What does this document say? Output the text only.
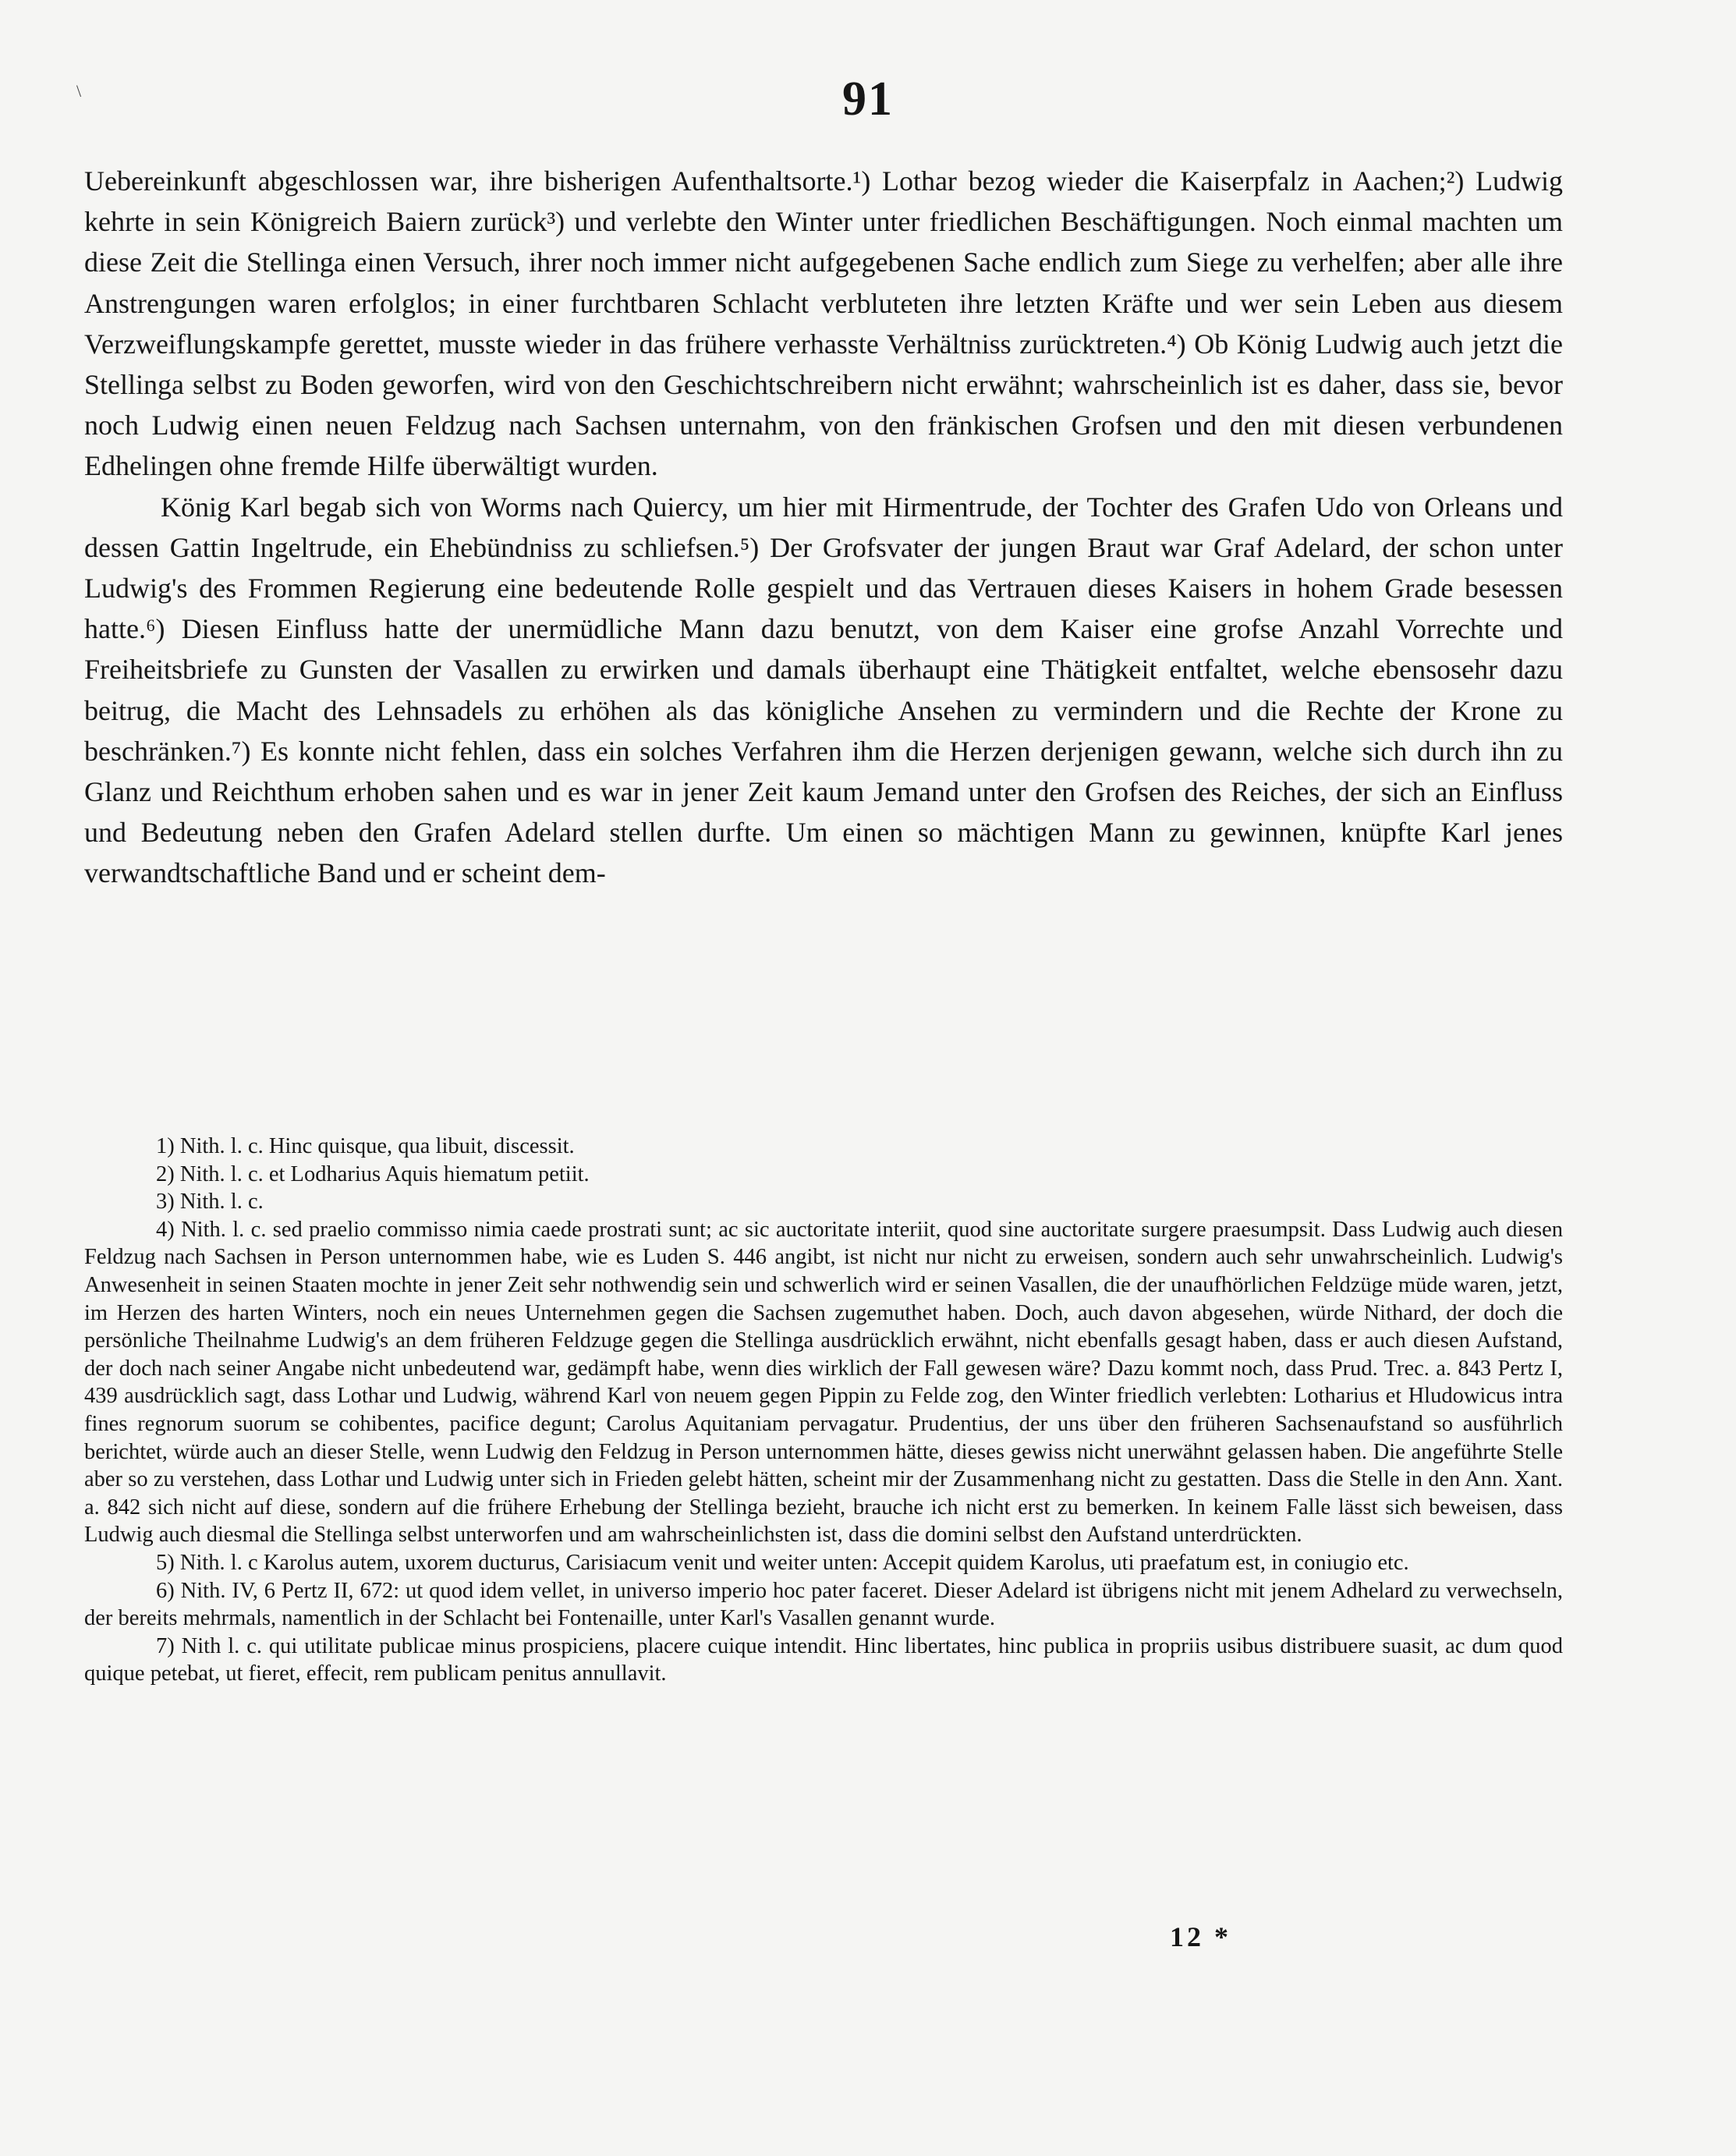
\	91

Uebereinkunft abgeschlossen war, ihre bisherigen Aufenthaltsorte.¹) Lothar bezog wieder die Kaiserpfalz in Aachen;²) Ludwig kehrte in sein Königreich Baiern zurück³) und verlebte den Winter unter friedlichen Beschäftigungen. Noch einmal machten um diese Zeit die Stellinga einen Versuch, ihrer noch immer nicht aufgegebenen Sache endlich zum Siege zu verhelfen; aber alle ihre Anstrengungen waren erfolglos; in einer furchtbaren Schlacht verbluteten ihre letzten Kräfte und wer sein Leben aus diesem Verzweiflungskampfe gerettet, musste wieder in das frühere verhasste Verhältniss zurücktreten.⁴) Ob König Ludwig auch jetzt die Stellinga selbst zu Boden geworfen, wird von den Geschichtschreibern nicht erwähnt; wahrscheinlich ist es daher, dass sie, bevor noch Ludwig einen neuen Feldzug nach Sachsen unternahm, von den fränkischen Grofsen und den mit diesen verbundenen Edhelingen ohne fremde Hilfe überwältigt wurden.

König Karl begab sich von Worms nach Quiercy, um hier mit Hirmentrude, der Tochter des Grafen Udo von Orleans und dessen Gattin Ingeltrude, ein Ehebündniss zu schliefsen.⁵) Der Grofsvater der jungen Braut war Graf Adelard, der schon unter Ludwig's des Frommen Regierung eine bedeutende Rolle gespielt und das Vertrauen dieses Kaisers in hohem Grade besessen hatte.⁶) Diesen Einfluss hatte der unermüdliche Mann dazu benutzt, von dem Kaiser eine grofse Anzahl Vorrechte und Freiheitsbriefe zu Gunsten der Vasallen zu erwirken und damals überhaupt eine Thätigkeit entfaltet, welche ebensosehr dazu beitrug, die Macht des Lehnsadels zu erhöhen als das königliche Ansehen zu vermindern und die Rechte der Krone zu beschränken.⁷) Es konnte nicht fehlen, dass ein solches Verfahren ihm die Herzen derjenigen gewann, welche sich durch ihn zu Glanz und Reichthum erhoben sahen und es war in jener Zeit kaum Jemand unter den Grofsen des Reiches, der sich an Einfluss und Bedeutung neben den Grafen Adelard stellen durfte. Um einen so mächtigen Mann zu gewinnen, knüpfte Karl jenes verwandtschaftliche Band und er scheint dem-

1) Nith. l. c. Hinc quisque, qua libuit, discessit.

2) Nith. l. c. et Lodharius Aquis hiematum petiit.

3) Nith. l. c.

4) Nith. l. c. sed praelio commisso nimia caede prostrati sunt; ac sic auctoritate interiit, quod sine auctoritate surgere praesumpsit. Dass Ludwig auch diesen Feldzug nach Sachsen in Person unternommen habe, wie es Luden S. 446 angibt, ist nicht nur nicht zu erweisen, sondern auch sehr unwahrscheinlich. Ludwig's Anwesenheit in seinen Staaten mochte in jener Zeit sehr nothwendig sein und schwerlich wird er seinen Vasallen, die der unaufhörlichen Feldzüge müde waren, jetzt, im Herzen des harten Winters, noch ein neues Unternehmen gegen die Sachsen zugemuthet haben. Doch, auch davon abgesehen, würde Nithard, der doch die persönliche Theilnahme Ludwig's an dem früheren Feldzuge gegen die Stellinga ausdrücklich erwähnt, nicht ebenfalls gesagt haben, dass er auch diesen Aufstand, der doch nach seiner Angabe nicht unbedeutend war, gedämpft habe, wenn dies wirklich der Fall gewesen wäre? Dazu kommt noch, dass Prud. Trec. a. 843 Pertz I, 439 ausdrücklich sagt, dass Lothar und Ludwig, während Karl von neuem gegen Pippin zu Felde zog, den Winter friedlich verlebten: Lotharius et Hludowicus intra fines regnorum suorum se cohibentes, pacifice degunt; Carolus Aquitaniam pervagatur. Prudentius, der uns über den früheren Sachsenaufstand so ausführlich berichtet, würde auch an dieser Stelle, wenn Ludwig den Feldzug in Person unternommen hätte, dieses gewiss nicht unerwähnt gelassen haben. Die angeführte Stelle aber so zu verstehen, dass Lothar und Ludwig unter sich in Frieden gelebt hätten, scheint mir der Zusammenhang nicht zu gestatten. Dass die Stelle in den Ann. Xant. a. 842 sich nicht auf diese, sondern auf die frühere Erhebung der Stellinga bezieht, brauche ich nicht erst zu bemerken. In keinem Falle lässt sich beweisen, dass Ludwig auch diesmal die Stellinga selbst unterworfen und am wahrscheinlichsten ist, dass die domini selbst den Aufstand unterdrückten.

5) Nith. l. c Karolus autem, uxorem ducturus, Carisiacum venit und weiter unten: Accepit quidem Karolus, uti praefatum est, in coniugio etc.

6) Nith. IV, 6 Pertz II, 672: ut quod idem vellet, in universo imperio hoc pater faceret. Dieser Adelard ist übrigens nicht mit jenem Adhelard zu verwechseln, der bereits mehrmals, namentlich in der Schlacht bei Fontenaille, unter Karl's Vasallen genannt wurde.

7) Nith l. c. qui utilitate publicae minus prospiciens, placere cuique intendit. Hinc libertates, hinc publica in propriis usibus distribuere suasit, ac dum quod quique petebat, ut fieret, effecit, rem publicam penitus annullavit.

12 *
